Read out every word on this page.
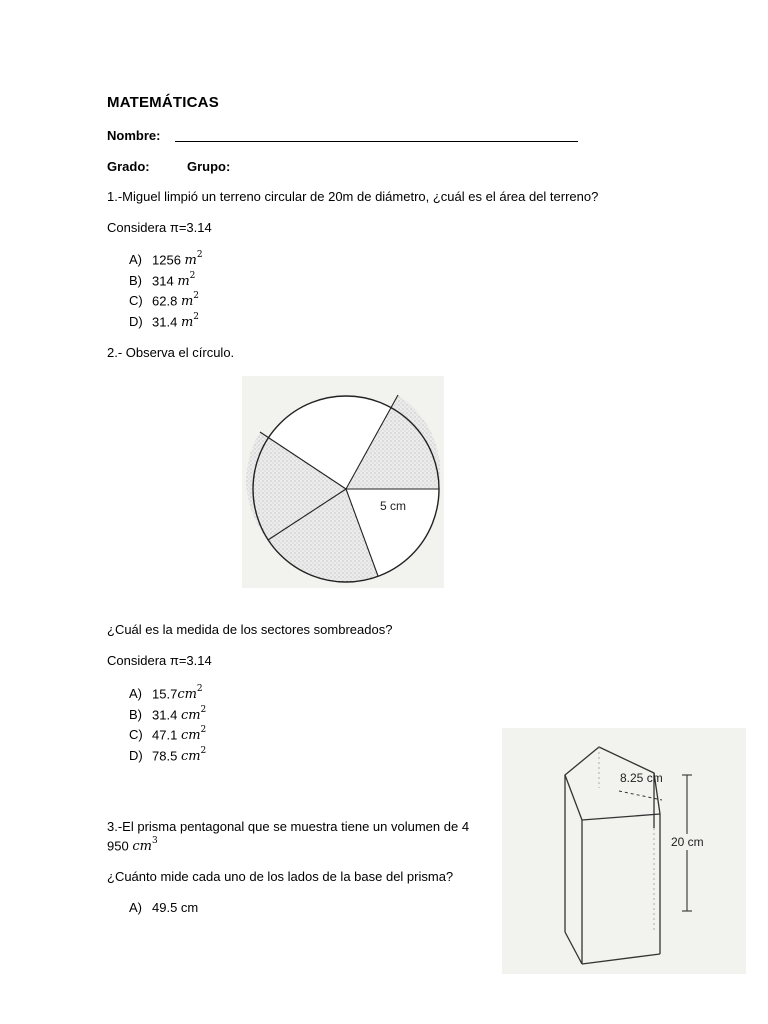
MATEMÁTICAS
Nombre:
Grado:	Grupo:
1.-Miguel limpió un terreno circular de 20m de diámetro, ¿cuál es el área del terreno?
Considera π=3.14
A) 1256 $m^2$
B) 314 $m^2$
C) 62.8 $m^2$
D) 31.4 $m^2$
2.- Observa el círculo.
5 cm
¿Cuál es la medida de los sectores sombreados?
Considera π=3.14
A) $15.7cm^2$
B) 31.4 $cm^2$
C) 47.1 $cm^2$
D) 78.5 $cm^2$
3.-El prisma pentagonal que se muestra tiene un volumen de 4
950 $cm^3$
¿Cuánto mide cada uno de los lados de la base del prisma?
A) 49.5 cm
8.25 cm
20 cm
